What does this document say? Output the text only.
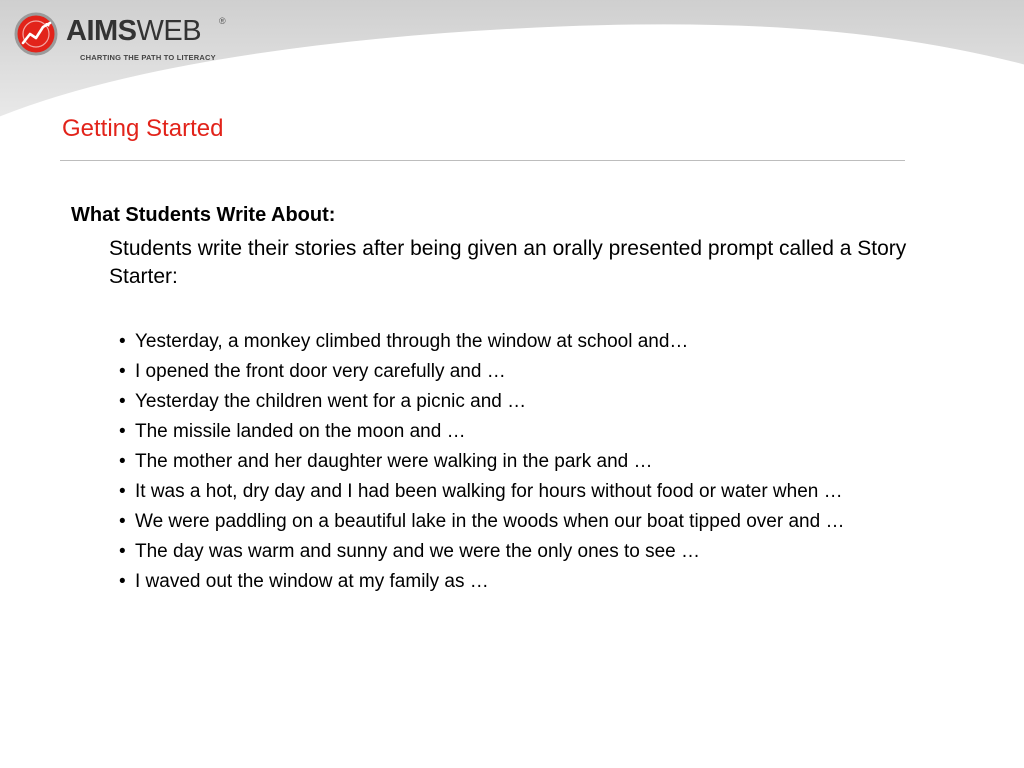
AIMSWEB ®
CHARTING THE PATH TO LITERACY
Getting Started
What Students Write About:
Students write their stories after being given an orally presented prompt called a Story Starter:
• Yesterday, a monkey climbed through the window at school and…
• I opened the front door very carefully and …
• Yesterday the children went for a picnic and …
• The missile landed on the moon and …
• The mother and her daughter were walking in the park and …
• It was a hot, dry day and I had been walking for hours without food or water when …
• We were paddling on a beautiful lake in the woods when our boat tipped over and …
• The day was warm and sunny and we were the only ones to see …
• I waved out the window at my family as …
